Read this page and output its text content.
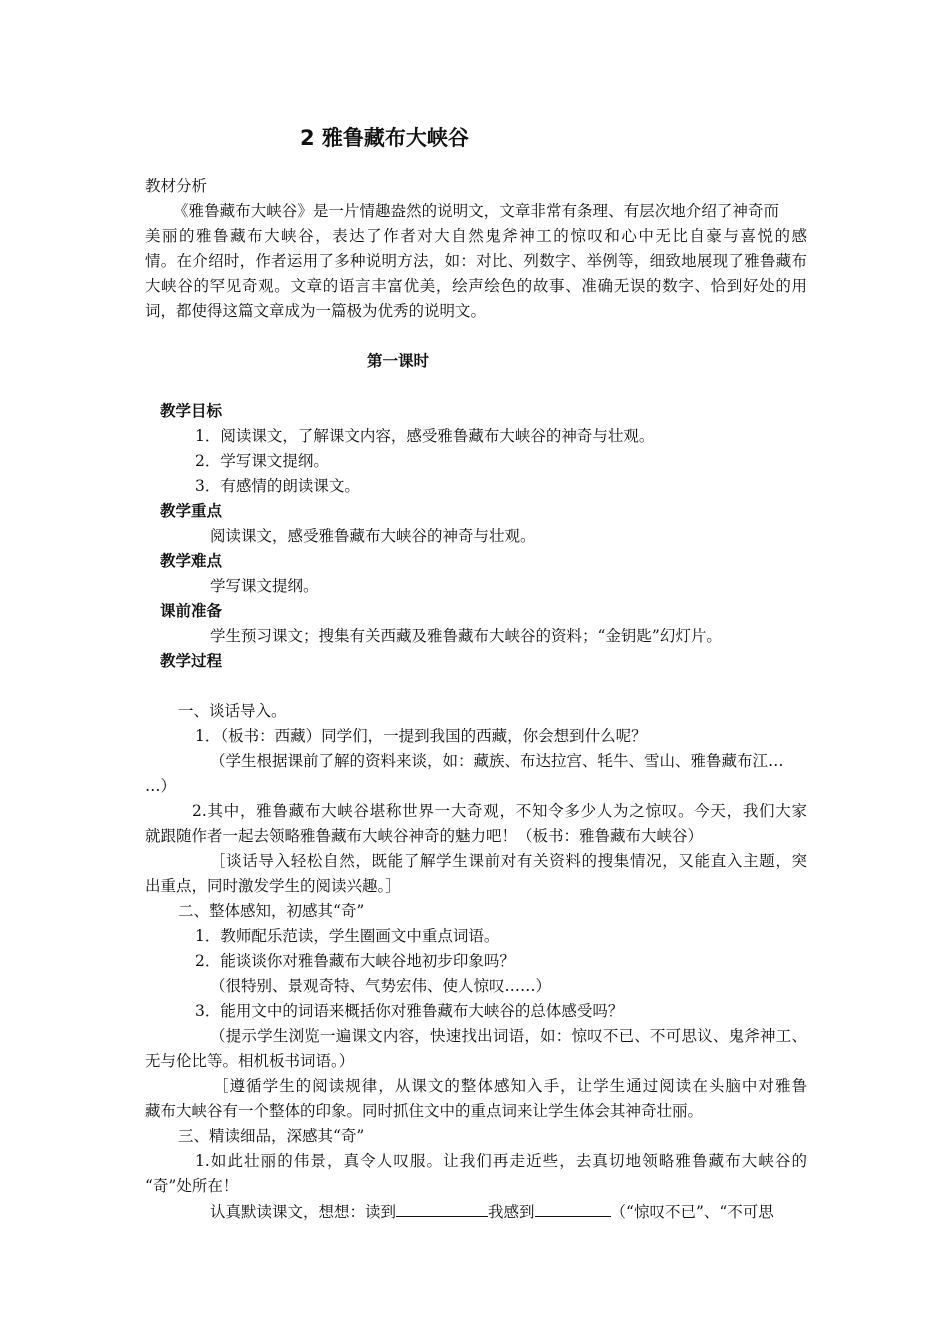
2 雅鲁藏布大峡谷
教材分析
《雅鲁藏布大峡谷》是一片情趣盎然的说明文，文章非常有条理、有层次地介绍了神奇而
美丽的雅鲁藏布大峡谷，表达了作者对大自然鬼斧神工的惊叹和心中无比自豪与喜悦的感
情。在介绍时，作者运用了多种说明方法，如：对比、列数字、举例等，细致地展现了雅鲁藏布
大峡谷的罕见奇观。文章的语言丰富优美，绘声绘色的故事、准确无误的数字、恰到好处的用
词，都使得这篇文章成为一篇极为优秀的说明文。
第一课时
教学目标
1．阅读课文，了解课文内容，感受雅鲁藏布大峡谷的神奇与壮观。
2．学写课文提纲。
3．有感情的朗读课文。
教学重点
阅读课文，感受雅鲁藏布大峡谷的神奇与壮观。
教学难点
学写课文提纲。
课前准备
学生预习课文；搜集有关西藏及雅鲁藏布大峡谷的资料；“金钥匙”幻灯片。
教学过程
一、谈话导入。
1．（板书：西藏）同学们，一提到我国的西藏，你会想到什么呢？
（学生根据课前了解的资料来谈，如：藏族、布达拉宫、牦牛、雪山、雅鲁藏布江…
…）
2.其中，雅鲁藏布大峡谷堪称世界一大奇观，不知令多少人为之惊叹。今天，我们大家
就跟随作者一起去领略雅鲁藏布大峡谷神奇的魅力吧！（板书：雅鲁藏布大峡谷）
［谈话导入轻松自然，既能了解学生课前对有关资料的搜集情况，又能直入主题，突
出重点，同时激发学生的阅读兴趣。］
二、整体感知，初感其“奇”
1．教师配乐范读，学生圈画文中重点词语。
2．能谈谈你对雅鲁藏布大峡谷地初步印象吗？
（很特别、景观奇特、气势宏伟、使人惊叹……）
3．能用文中的词语来概括你对雅鲁藏布大峡谷的总体感受吗？
（提示学生浏览一遍课文内容，快速找出词语，如：惊叹不已、不可思议、鬼斧神工、
无与伦比等。相机板书词语。）
［遵循学生的阅读规律，从课文的整体感知入手，让学生通过阅读在头脑中对雅鲁
藏布大峡谷有一个整体的印象。同时抓住文中的重点词来让学生体会其神奇壮丽。
三、精读细品，深感其“奇”
1.如此壮丽的伟景，真令人叹服。让我们再走近些，去真切地领略雅鲁藏布大峡谷的
“奇”处所在！
认真默读课文，想想：读到	我感到	（“惊叹不已”、“不可思
